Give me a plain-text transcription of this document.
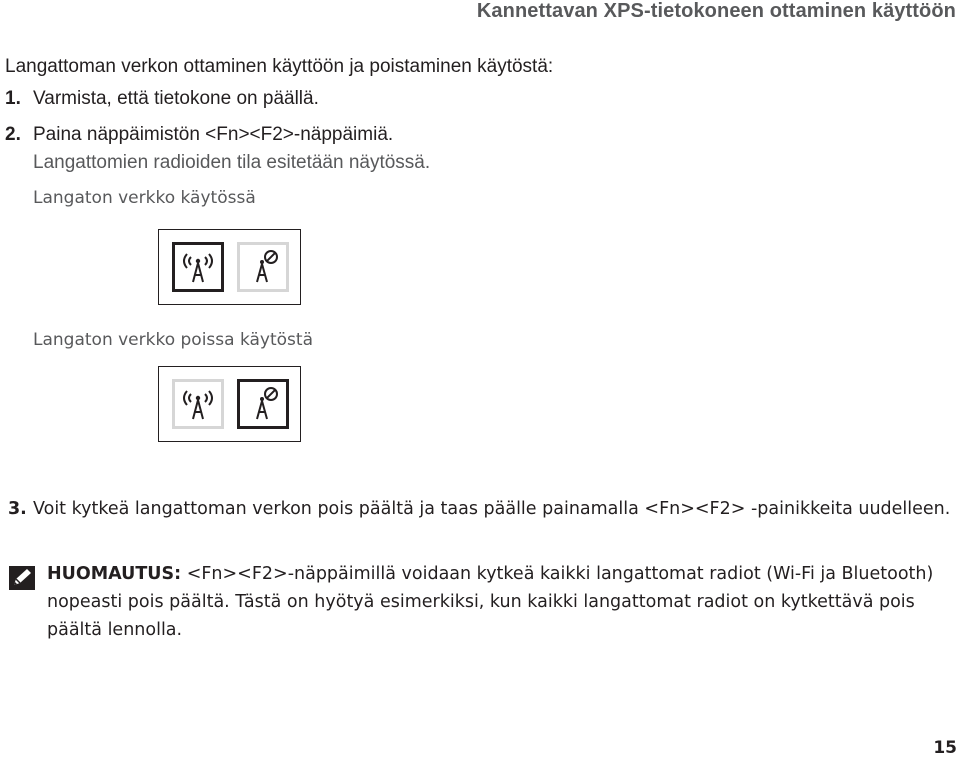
Kannettavan XPS-tietokoneen ottaminen käyttöön
Langattoman verkon ottaminen käyttöön ja poistaminen käytöstä:
1. Varmista, että tietokone on päällä.
2. Paina näppäimistön <Fn><F2>-näppäimiä.
Langattomien radioiden tila esitetään näytössä.
Langaton verkko käytössä
Langaton verkko poissa käytöstä
3. Voit kytkeä langattoman verkon pois päältä ja taas päälle painamalla <Fn><F2> -painikkeita uudelleen.
HUOMAUTUS: <Fn><F2>-näppäimillä voidaan kytkeä kaikki langattomat radiot (Wi-Fi ja Bluetooth) nopeasti pois päältä. Tästä on hyötyä esimerkiksi, kun kaikki langattomat radiot on kytkettävä pois päältä lennolla.
15
